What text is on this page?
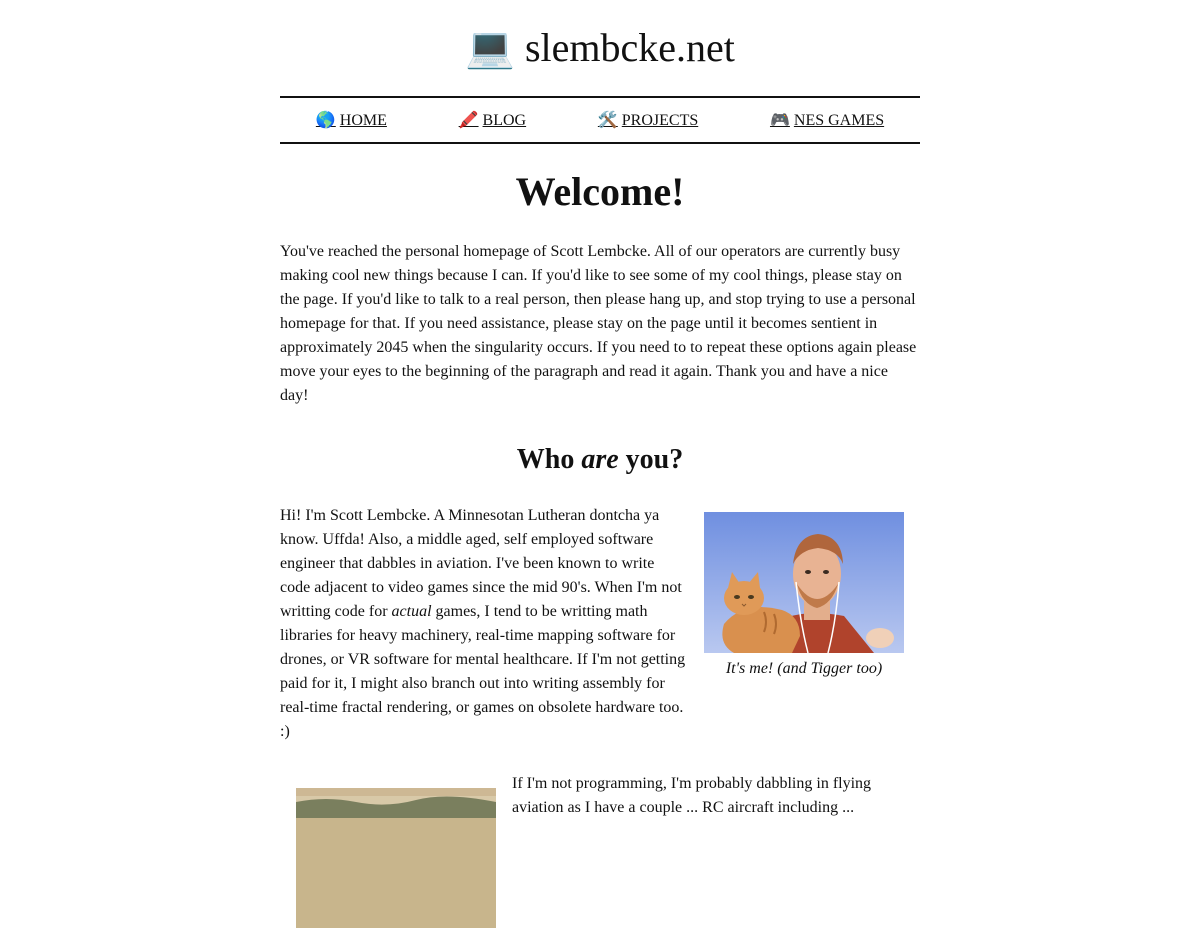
💻 slembcke.net
🌎 HOME	🖍️ BLOG	🛠️ PROJECTS	🎮 NES GAMES
Welcome!

You've reached the personal homepage of Scott Lembcke. All of our operators are currently busy making cool new things because I can. If you'd like to see some of my cool things, please stay on the page. If you'd like to talk to a real person, then please hang up, and stop trying to use a personal homepage for that. If you need assistance, please stay on the page until it becomes sentient in approximately 2045 when the singularity occurs. If you need to to repeat these options again please move your eyes to the beginning of the paragraph and read it again. Thank you and have a nice day!

Who are you?

Hi! I'm Scott Lembcke. A Minnesotan Lutheran dontcha ya know. Uffda! Also, a middle aged, self employed software engineer that dabbles in aviation. I've been known to write code adjacent to video games since the mid 90's. When I'm not writting code for actual games, I tend to be writting math libraries for heavy machinery, real-time mapping software for drones, or VR software for mental healthcare. If I'm not getting paid for it, I might also branch out into writing assembly for real-time fractal rendering, or games on obsolete hardware too. :)

It's me! (and Tigger too)

If I'm not programming, I'm probably dabbling in flying aviation as I have a couple ... RC aircraft including ...
